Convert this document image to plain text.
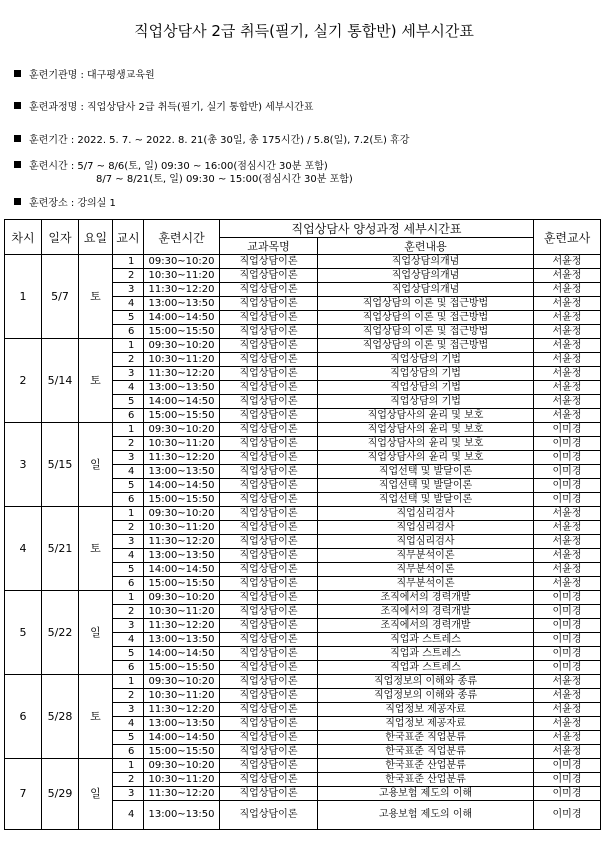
직업상담사 2급 취득(필기, 실기 통합반) 세부시간표
훈련기관명 : 대구평생교육원
훈련과정명 : 직업상담사 2급 취득(필기, 실기 통합반) 세부시간표
훈련기간 : 2022. 5. 7. ~ 2022. 8. 21(총 30일, 총 175시간) / 5.8(일), 7.2(토) 휴강
훈련시간 : 5/7 ~ 8/6(토, 일) 09:30 ~ 16:00(점심시간 30분 포함)
8/7 ~ 8/21(토, 일) 09:30 ~ 15:00(점심시간 30분 포함)
훈련장소 : 강의실 1
차시	일자	요일	교시	훈련시간	직업상담사 양성과정 세부시간표		훈련교사
					교과목명	훈련내용	
1	5/7	토	1	09:30~10:20	직업상담이론	직업상담의개념	서윤정
			2	10:30~11:20	직업상담이론	직업상담의개념	서윤정
			3	11:30~12:20	직업상담이론	직업상담의개념	서윤정
			4	13:00~13:50	직업상담이론	직업상담의 이론 및 접근방법	서윤정
			5	14:00~14:50	직업상담이론	직업상담의 이론 및 접근방법	서윤정
			6	15:00~15:50	직업상담이론	직업상담의 이론 및 접근방법	서윤정
2	5/14	토	1	09:30~10:20	직업상담이론	직업상담의 이론 및 접근방법	서윤정
			2	10:30~11:20	직업상담이론	직업상담의 기법	서윤정
			3	11:30~12:20	직업상담이론	직업상담의 기법	서윤정
			4	13:00~13:50	직업상담이론	직업상담의 기법	서윤정
			5	14:00~14:50	직업상담이론	직업상담의 기법	서윤정
			6	15:00~15:50	직업상담이론	직업상담사의 윤리 및 보호	서윤정
3	5/15	일	1	09:30~10:20	직업상담이론	직업상담사의 윤리 및 보호	이미경
			2	10:30~11:20	직업상담이론	직업상담사의 윤리 및 보호	이미경
			3	11:30~12:20	직업상담이론	직업상담사의 윤리 및 보호	이미경
			4	13:00~13:50	직업상담이론	직업선택 및 발달이론	이미경
			5	14:00~14:50	직업상담이론	직업선택 및 발달이론	이미경
			6	15:00~15:50	직업상담이론	직업선택 및 발달이론	이미경
4	5/21	토	1	09:30~10:20	직업상담이론	직업심리검사	서윤정
			2	10:30~11:20	직업상담이론	직업심리검사	서윤정
			3	11:30~12:20	직업상담이론	직업심리검사	서윤정
			4	13:00~13:50	직업상담이론	직무분석이론	서윤정
			5	14:00~14:50	직업상담이론	직무분석이론	서윤정
			6	15:00~15:50	직업상담이론	직무분석이론	서윤정
5	5/22	일	1	09:30~10:20	직업상담이론	조직에서의 경력개발	이미경
			2	10:30~11:20	직업상담이론	조직에서의 경력개발	이미경
			3	11:30~12:20	직업상담이론	조직에서의 경력개발	이미경
			4	13:00~13:50	직업상담이론	직업과 스트레스	이미경
			5	14:00~14:50	직업상담이론	직업과 스트레스	이미경
			6	15:00~15:50	직업상담이론	직업과 스트레스	이미경
6	5/28	토	1	09:30~10:20	직업상담이론	직업정보의 이해와 종류	서윤정
			2	10:30~11:20	직업상담이론	직업정보의 이해와 종류	서윤정
			3	11:30~12:20	직업상담이론	직업정보 제공자료	서윤정
			4	13:00~13:50	직업상담이론	직업정보 제공자료	서윤정
			5	14:00~14:50	직업상담이론	한국표준 직업분류	서윤정
			6	15:00~15:50	직업상담이론	한국표준 직업분류	서윤정
7	5/29	일	1	09:30~10:20	직업상담이론	한국표준 산업분류	이미경
			2	10:30~11:20	직업상담이론	한국표준 산업분류	이미경
			3	11:30~12:20	직업상담이론	고용보험 제도의 이해	이미경
			4	13:00~13:50	직업상담이론	고용보험 제도의 이해	이미경
